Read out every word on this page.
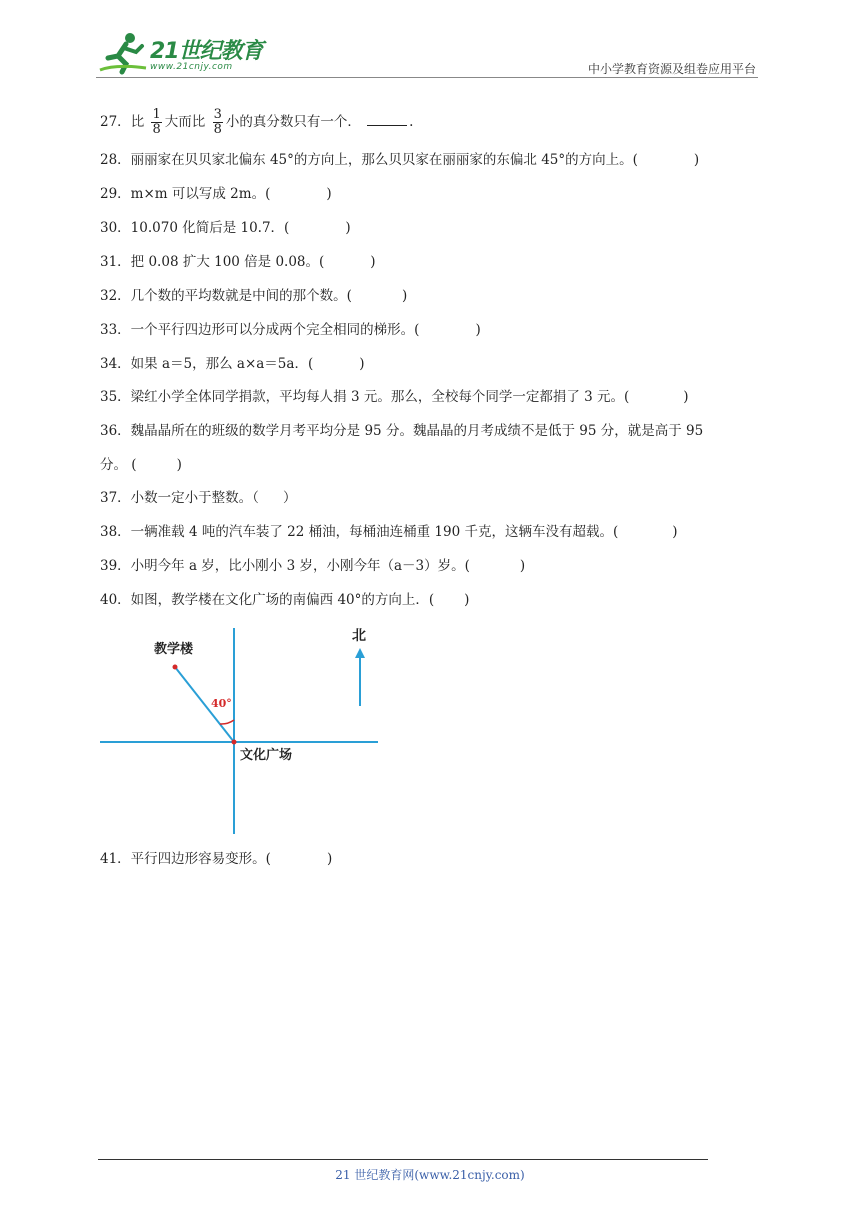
21世纪教育
www.21cnjy.com	中小学教育资源及组卷应用平台
27．比 $\frac{1}{8}$ 大而比 $\frac{3}{8}$ 小的真分数只有一个．	.
28．丽丽家在贝贝家北偏东 45°的方向上，那么贝贝家在丽丽家的东偏北 45°的方向上。(	)
29．m×m 可以写成 2m。(	)
30．10.070 化简后是 10.7．(	)
31．把 0.08 扩大 100 倍是 0.08。(	)
32．几个数的平均数就是中间的那个数。(	)
33．一个平行四边形可以分成两个完全相同的梯形。(	)
34．如果 a＝5，那么 a×a＝5a．(	)
35．梁红小学全体同学捐款，平均每人捐 3 元。那么，全校每个同学一定都捐了 3 元。(	)
36．魏晶晶所在的班级的数学月考平均分是 95 分。魏晶晶的月考成绩不是低于 95 分，就是高于 95
分。 (	)
37．小数一定小于整数。（ ）
38．一辆准载 4 吨的汽车装了 22 桶油，每桶油连桶重 190 千克，这辆车没有超载。(	)
39．小明今年 a 岁，比小刚小 3 岁，小刚今年（a－3）岁。(	)
40．如图，教学楼在文化广场的南偏西 40°的方向上．( )
教学楼
文化广场
北
40°
41．平行四边形容易变形。(	)
21 世纪教育网(www.21cnjy.com)
